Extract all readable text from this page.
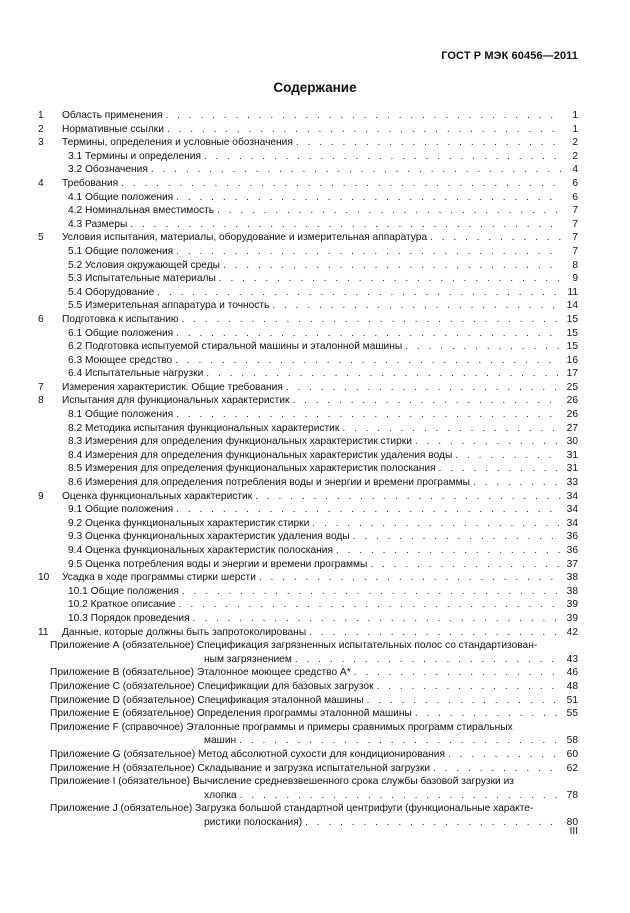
ГОСТ Р МЭК 60456—2011
Содержание
1	Область применения . . .	1
2	Нормативные ссылки . . .	1
3	Термины, определения и условные обозначения . . .	2
3.1 Термины и определения . . .	2
3.2 Обозначения . . .	4
4	Требования . . .	6
4.1 Общие положения . . .	6
4.2 Номинальная вместимость . . .	7
4.3 Размеры . . .	7
5	Условия испытания, материалы, оборудование и измерительная аппаратура . . .	7
5.1 Общие положения . . .	7
5.2 Условия окружающей среды . . .	8
5.3 Испытательные материалы . . .	9
5.4 Оборудование . . .	11
5.5 Измерительная аппаратура и точность . . .	14
6	Подготовка к испытанию . . .	15
6.1 Общие положения . . .	15
6.2 Подготовка испытуемой стиральной машины и эталонной машины . . .	15
6.3 Моющее средство . . .	16
6.4 Испытательные нагрузки . . .	17
7	Измерения характеристик. Общие требования . . .	25
8	Испытания для функциональных характеристик . . .	26
8.1 Общие положения . . .	26
8.2 Методика испытания функциональных характеристик . . .	27
8.3 Измерения для определения функциональных характеристик стирки . . .	30
8.4 Измерения для определения функциональных характеристик удаления воды . . .	31
8.5 Измерения для определения функциональных характеристик полоскания . . .	31
8.6 Измерения для определения потребления воды и энергии и времени программы . . .	33
9	Оценка функциональных характеристик . . .	34
9.1 Общие положения . . .	34
9.2 Оценка функциональных характеристик стирки . . .	34
9.3 Оценка функциональных характеристик удаления воды . . .	36
9.4 Оценка функциональных характеристик полоскания . . .	36
9.5 Оценка потребления воды и энергии и времени программы . . .	37
10	Усадка в ходе программы стирки шерсти . . .	38
10.1 Общие положения . . .	38
10.2 Краткое описание . . .	39
10.3 Порядок проведения . . .	39
11	Данные, которые должны быть запротоколированы . . .	42
Приложение А (обязательное) Спецификация загрязненных испытательных полос со стандартизован-
ным загрязнением . . .	43
Приложение В (обязательное) Эталонное моющее средство А* . . .	46
Приложение С (обязательное) Спецификации для базовых загрузок . . .	48
Приложение D (обязательное) Спецификация эталонной машины . . .	51
Приложение Е (обязательное) Определения программы эталонной машины . . .	55
Приложение F (справочное) Эталонные программы и примеры сравнимых программ стиральных
машин . . .	58
Приложение G (обязательное) Метод абсолютной сухости для кондиционирования . . .	60
Приложение Н (обязательное) Складывание и загрузка испытательной загрузки . . .	62
Приложение I (обязательное) Вычисление средневзвешенного срока службы базовой загрузки из
хлопка . . .	78
Приложение J (обязательное) Загрузка большой стандартной центрифуги (функциональные характе-
ристики полоскания) . . .	80
III
